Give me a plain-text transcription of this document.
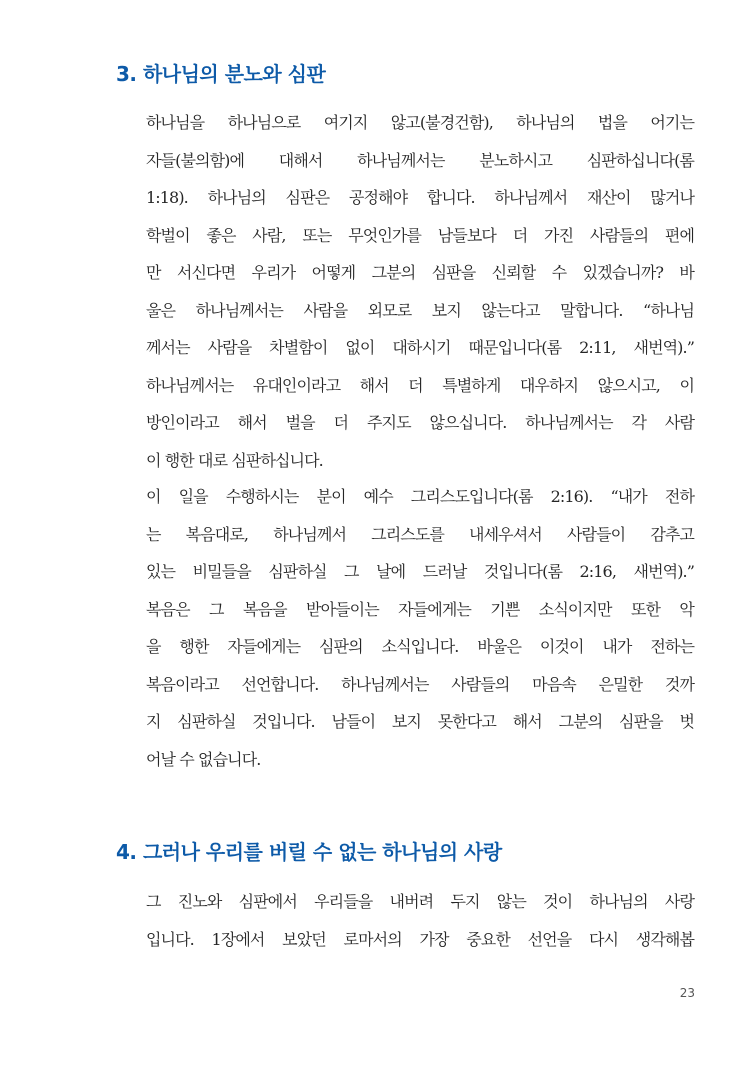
3. 하나님의 분노와 심판
하나님을 하나님으로 여기지 않고(불경건함), 하나님의 법을 어기는
자들(불의함)에 대해서 하나님께서는 분노하시고 심판하십니다(롬
1:18). 하나님의 심판은 공정해야 합니다. 하나님께서 재산이 많거나
학벌이 좋은 사람, 또는 무엇인가를 남들보다 더 가진 사람들의 편에
만 서신다면 우리가 어떻게 그분의 심판을 신뢰할 수 있겠습니까? 바
울은 하나님께서는 사람을 외모로 보지 않는다고 말합니다. “하나님
께서는 사람을 차별함이 없이 대하시기 때문입니다(롬 2:11, 새번역).”
하나님께서는 유대인이라고 해서 더 특별하게 대우하지 않으시고, 이
방인이라고 해서 벌을 더 주지도 않으십니다. 하나님께서는 각 사람
이 행한 대로 심판하십니다.
이 일을 수행하시는 분이 예수 그리스도입니다(롬 2:16). “내가 전하
는 복음대로, 하나님께서 그리스도를 내세우셔서 사람들이 감추고
있는 비밀들을 심판하실 그 날에 드러날 것입니다(롬 2:16, 새번역).”
복음은 그 복음을 받아들이는 자들에게는 기쁜 소식이지만 또한 악
을 행한 자들에게는 심판의 소식입니다. 바울은 이것이 내가 전하는
복음이라고 선언합니다. 하나님께서는 사람들의 마음속 은밀한 것까
지 심판하실 것입니다. 남들이 보지 못한다고 해서 그분의 심판을 벗
어날 수 없습니다.
4. 그러나 우리를 버릴 수 없는 하나님의 사랑
그 진노와 심판에서 우리들을 내버려 두지 않는 것이 하나님의 사랑
입니다. 1장에서 보았던 로마서의 가장 중요한 선언을 다시 생각해봅
23
